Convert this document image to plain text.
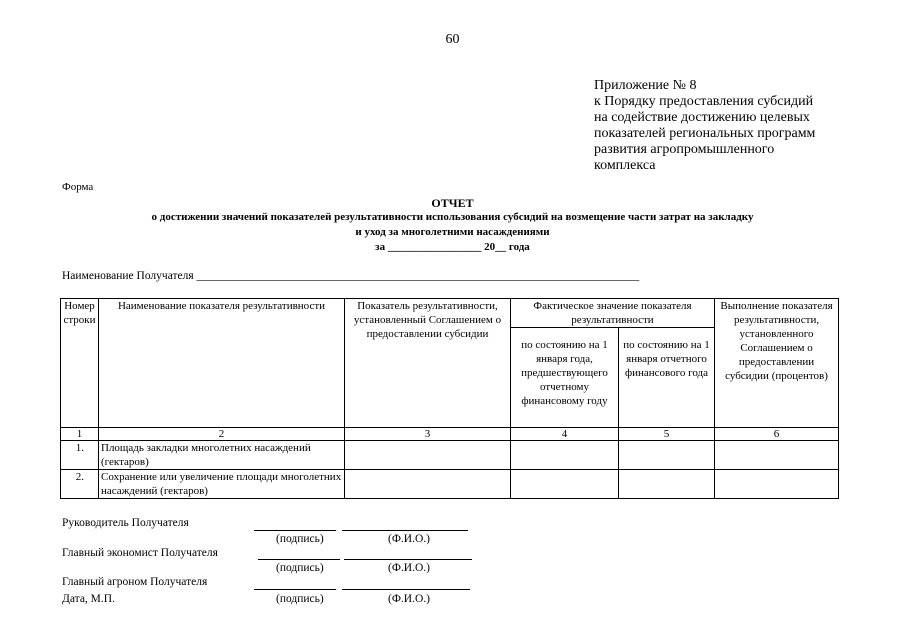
60
Приложение № 8
к Порядку предоставления субсидий
на содействие достижению целевых
показателей региональных программ
развития агропромышленного
комплекса
Форма
ОТЧЕТ
о достижении значений показателей результативности использования субсидий на возмещение части затрат на закладку
и уход за многолетними насаждениями
за _________________ 20__ года
Наименование Получателя _____________________________________________________________________________
Номер строки	Наименование показателя результативности	Показатель результативности, установленный Соглашением о предоставлении субсидии	Фактическое значение показателя результативности		Выполнение показателя результативности, установленного Соглашением о предоставлении субсидии (процентов)
			по состоянию на 1 января года, предшествующего отчетному финансовому году	по состоянию на 1 января отчетного финансового года	
1	2	3	4	5	6
1.	Площадь закладки многолетних насаждений (гектаров)				
2.	Сохранение или увеличение площади многолетних насаждений (гектаров)				
Руководитель Получателя
(подпись)	(Ф.И.О.)
Главный экономист Получателя
(подпись)	(Ф.И.О.)
Главный агроном Получателя
Дата, М.П.	(подпись)	(Ф.И.О.)
